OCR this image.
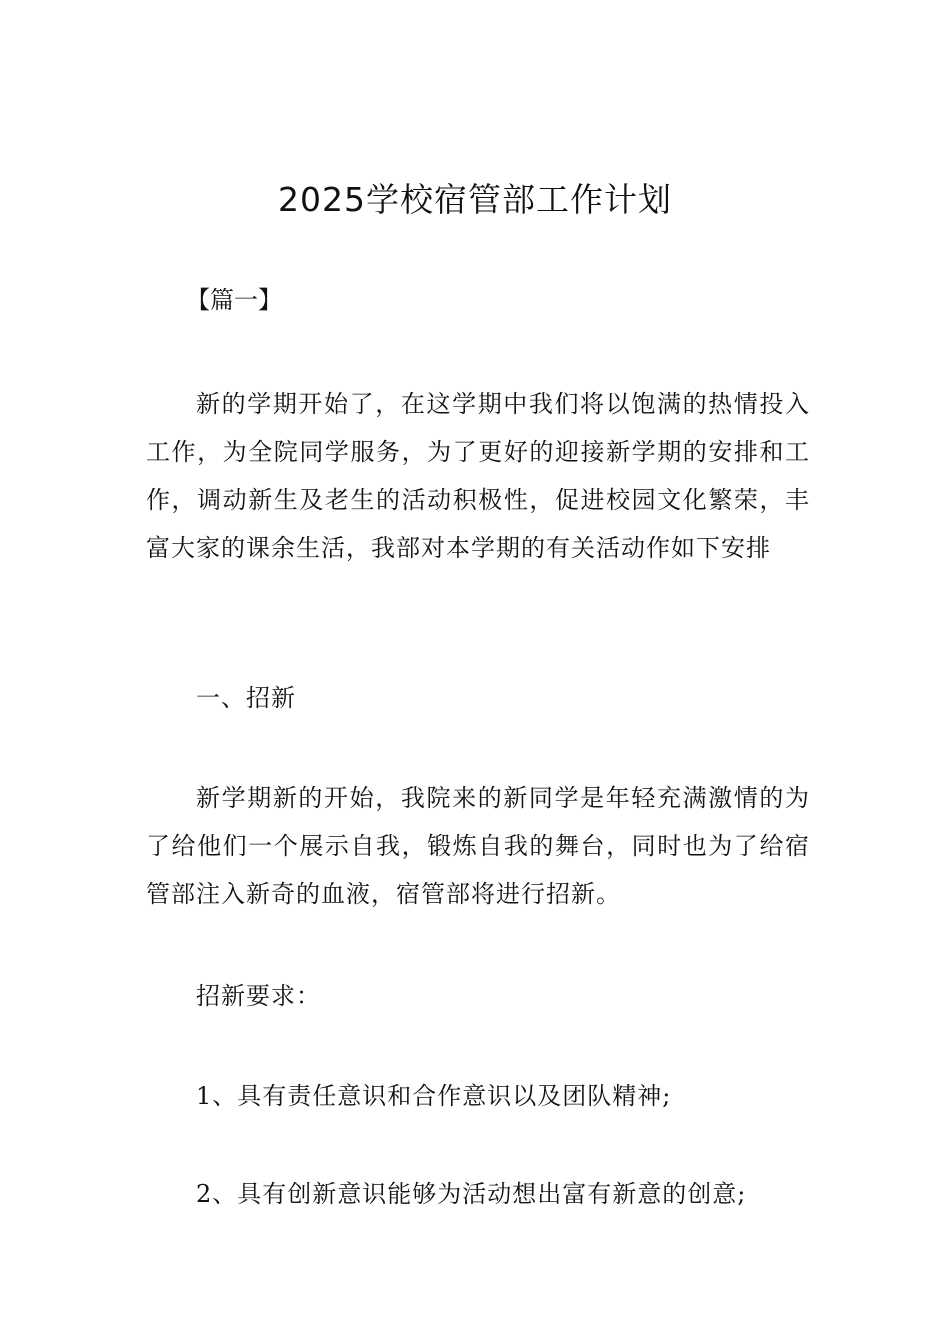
2025学校宿管部工作计划

【篇一】

新的学期开始了，在这学期中我们将以饱满的热情投入工作，为全院同学服务，为了更好的迎接新学期的安排和工作，调动新生及老生的活动积极性，促进校园文化繁荣，丰富大家的课余生活，我部对本学期的有关活动作如下安排

一、招新

新学期新的开始，我院来的新同学是年轻充满激情的为了给他们一个展示自我，锻炼自我的舞台，同时也为了给宿管部注入新奇的血液，宿管部将进行招新。

招新要求：

1、具有责任意识和合作意识以及团队精神;

2、具有创新意识能够为活动想出富有新意的创意;
